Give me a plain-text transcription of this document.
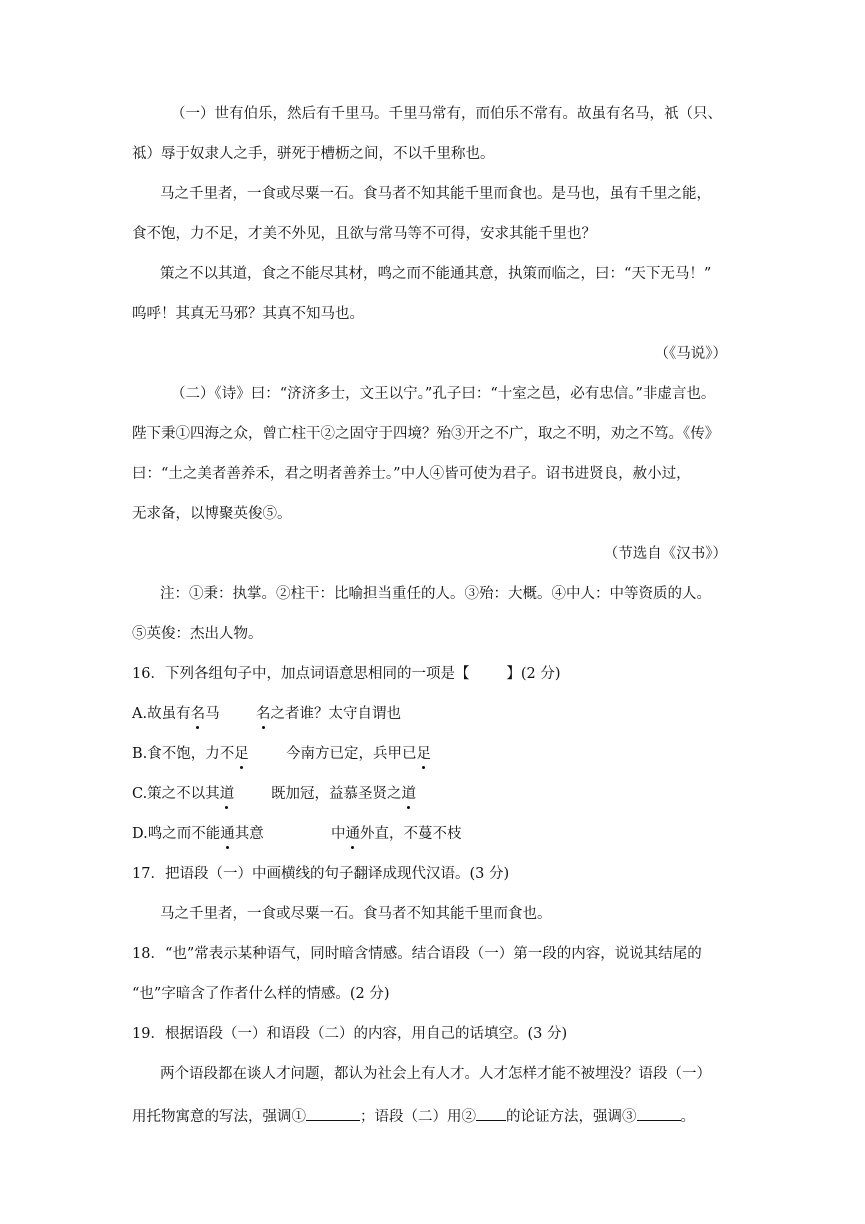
（一）世有伯乐，然后有千里马。千里马常有，而伯乐不常有。故虽有名马，祇（只、
祗）辱于奴隶人之手，骈死于槽枥之间，不以千里称也。
马之千里者，一食或尽粟一石。食马者不知其能千里而食也。是马也，虽有千里之能，
食不饱，力不足，才美不外见，且欲与常马等不可得，安求其能千里也？
策之不以其道，食之不能尽其材，鸣之而不能通其意，执策而临之，曰：“天下无马！”
呜呼！其真无马邪？其真不知马也。
（《马说》）
（二）《诗》曰：“济济多士，文王以宁。”孔子曰：“十室之邑，必有忠信。”非虚言也。
陛下秉①四海之众，曾亡柱干②之固守于四境？殆③开之不广，取之不明，劝之不笃。《传》
曰：“土之美者善养禾，君之明者善养士。”中人④皆可使为君子。诏书进贤良，赦小过，
无求备，以博聚英俊⑤。
（节选自《汉书》）
注：①秉：执掌。②柱干：比喻担当重任的人。③殆：大概。④中人：中等资质的人。
⑤英俊：杰出人物。
16．下列各组句子中，加点词语意思相同的一项是【        】(2 分)
A.故虽有名马	名之者谁？太守自谓也
B.食不饱，力不足	今南方已定，兵甲已足
C.策之不以其道	既加冠，益慕圣贤之道
D.鸣之而不能通其意	中通外直，不蔓不枝
17．把语段（一）中画横线的句子翻译成现代汉语。(3 分)
马之千里者，一食或尽粟一石。食马者不知其能千里而食也。
18．“也”常表示某种语气，同时暗含情感。结合语段（一）第一段的内容，说说其结尾的
“也”字暗含了作者什么样的情感。(2 分)
19．根据语段（一）和语段（二）的内容，用自己的话填空。(3 分)
两个语段都在谈人才问题，都认为社会上有人才。人才怎样才能不被埋没？语段（一）
用托物寓意的写法，强调①	；语段（二）用② 的论证方法，强调③	。
